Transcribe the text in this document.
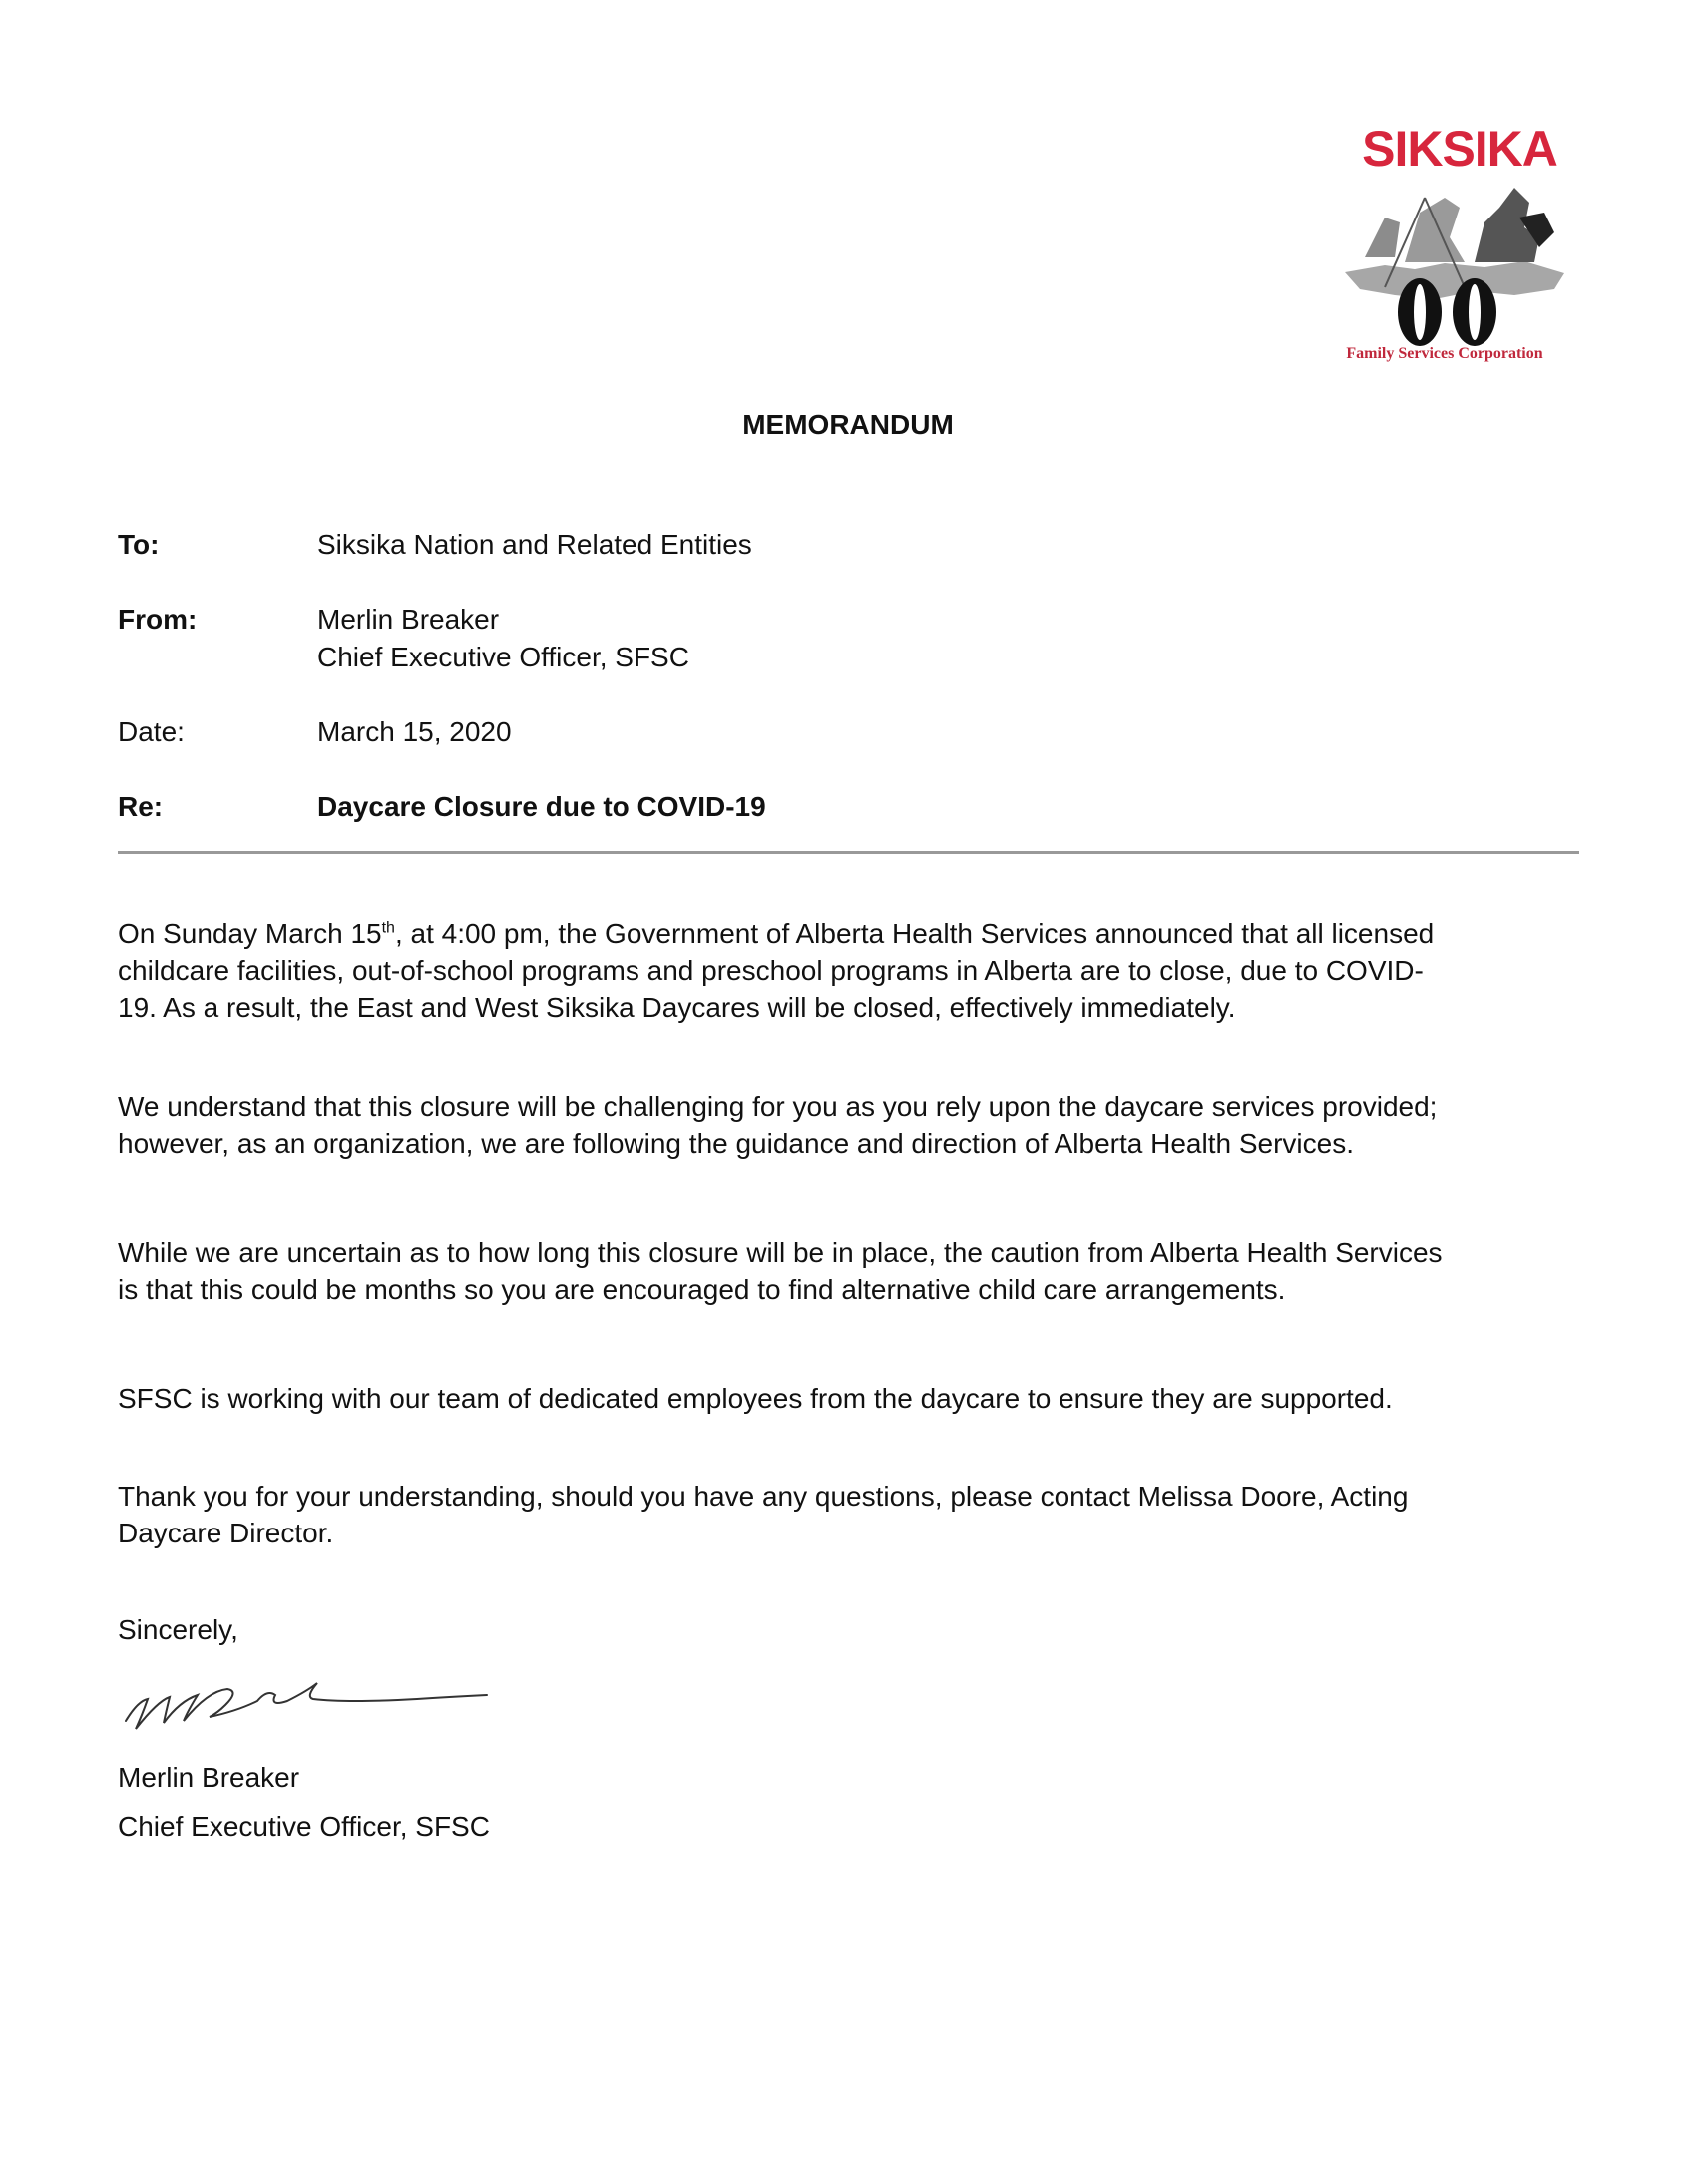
SIKSIKA
Family Services Corporation
MEMORANDUM
To:	Siksika Nation and Related Entities
From:	Merlin Breaker
Chief Executive Officer, SFSC
Date:	March 15, 2020
Re:	Daycare Closure due to COVID-19
On Sunday March 15th, at 4:00 pm, the Government of Alberta Health Services announced that all licensed
childcare facilities, out-of-school programs and preschool programs in Alberta are to close, due to COVID-
19. As a result, the East and West Siksika Daycares will be closed, effectively immediately.
We understand that this closure will be challenging for you as you rely upon the daycare services provided;
however, as an organization, we are following the guidance and direction of Alberta Health Services.
While we are uncertain as to how long this closure will be in place, the caution from Alberta Health Services
is that this could be months so you are encouraged to find alternative child care arrangements.
SFSC is working with our team of dedicated employees from the daycare to ensure they are supported.
Thank you for your understanding, should you have any questions, please contact Melissa Doore, Acting
Daycare Director.
Sincerely,
Merlin Breaker
Chief Executive Officer, SFSC
